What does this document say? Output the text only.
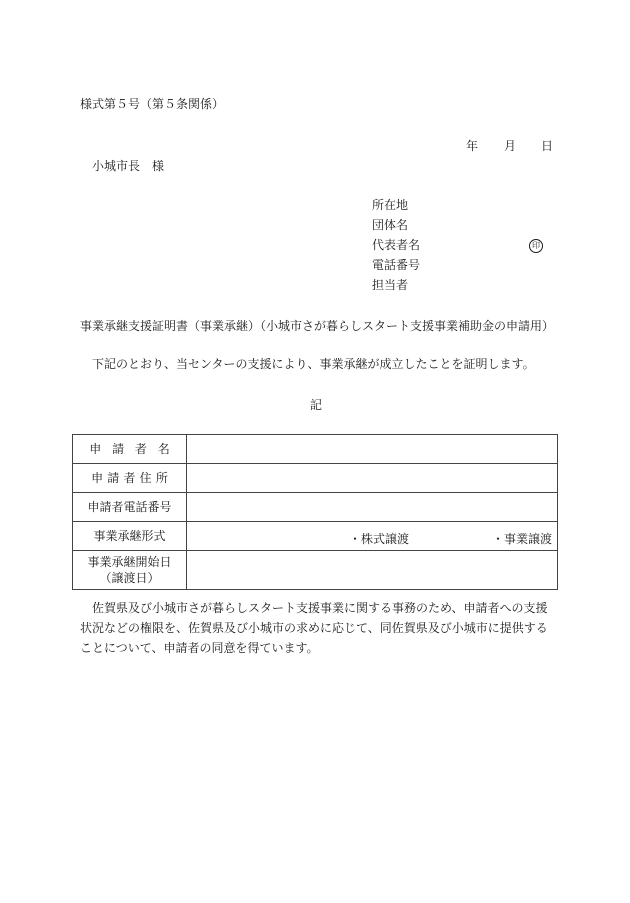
様式第５号（第５条関係）
年 月 日
小城市長 様
所在地
団体名
代表者名
電話番号
担当者
印
事業承継支援証明書（事業承継）（小城市さが暮らしスタート支援事業補助金の申請用）
下記のとおり、当センターの支援により、事業承継が成立したことを証明します。
記
申請者名	
申請者住所	
申請者電話番号	
事業承継形式	・株式譲渡 ・事業譲渡

事業承継開始日
（譲渡日）	

佐賀県及び小城市さが暮らしスタート支援事業に関する事務のため、申請者への支援状況などの権限を、佐賀県及び小城市の求めに応じて、同佐賀県及び小城市に提供することについて、申請者の同意を得ています。
